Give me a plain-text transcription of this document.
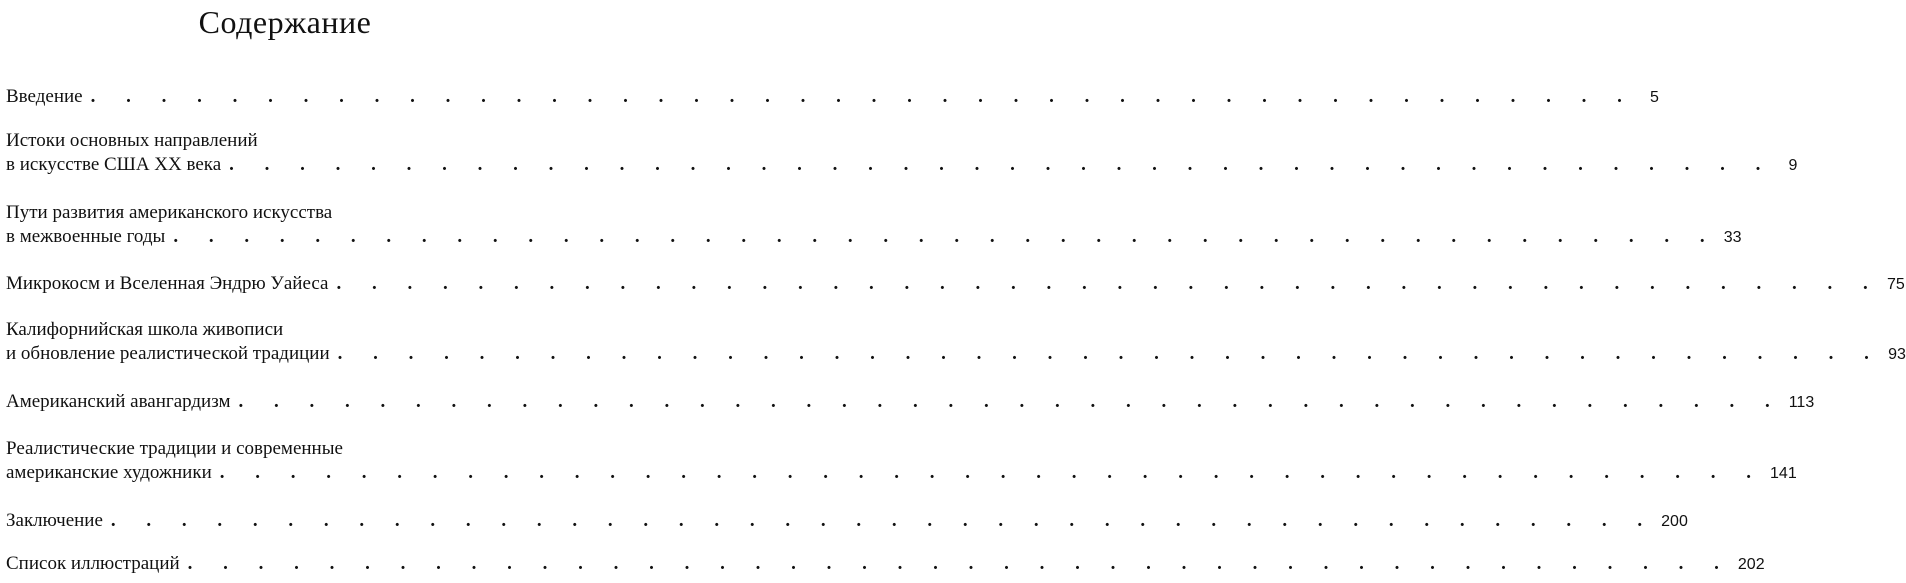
Содержание
Введение . . . . . . . . . . . . . . . . . . . . . . . . . . . . . . . . . . . . . . . . . . . . 5
Истоки основных направлений
в искусстве США XX века . . . . . . . . . . . . . . . . . . . . . . . . . . . . . . . . . . . . . . . . . . . . 9
Пути развития американского искусства
в межвоенные годы . . . . . . . . . . . . . . . . . . . . . . . . . . . . . . . . . . . . . . . . . . . . 33
Микрокосм и Вселенная Эндрю Уайеса . . . . . . . . . . . . . . . . . . . . . . . . . . . . . . . . . . . . . . . . . . . . 75
Калифорнийская школа живописи
и обновление реалистической традиции . . . . . . . . . . . . . . . . . . . . . . . . . . . . . . . . . . . . . . . . . . . . 93
Американский авангардизм . . . . . . . . . . . . . . . . . . . . . . . . . . . . . . . . . . . . . . . . . . . . 113
Реалистические традиции и современные
американские художники . . . . . . . . . . . . . . . . . . . . . . . . . . . . . . . . . . . . . . . . . . . . 141
Заключение . . . . . . . . . . . . . . . . . . . . . . . . . . . . . . . . . . . . . . . . . . . . 200
Список иллюстраций . . . . . . . . . . . . . . . . . . . . . . . . . . . . . . . . . . . . . . . . . . . . 202
